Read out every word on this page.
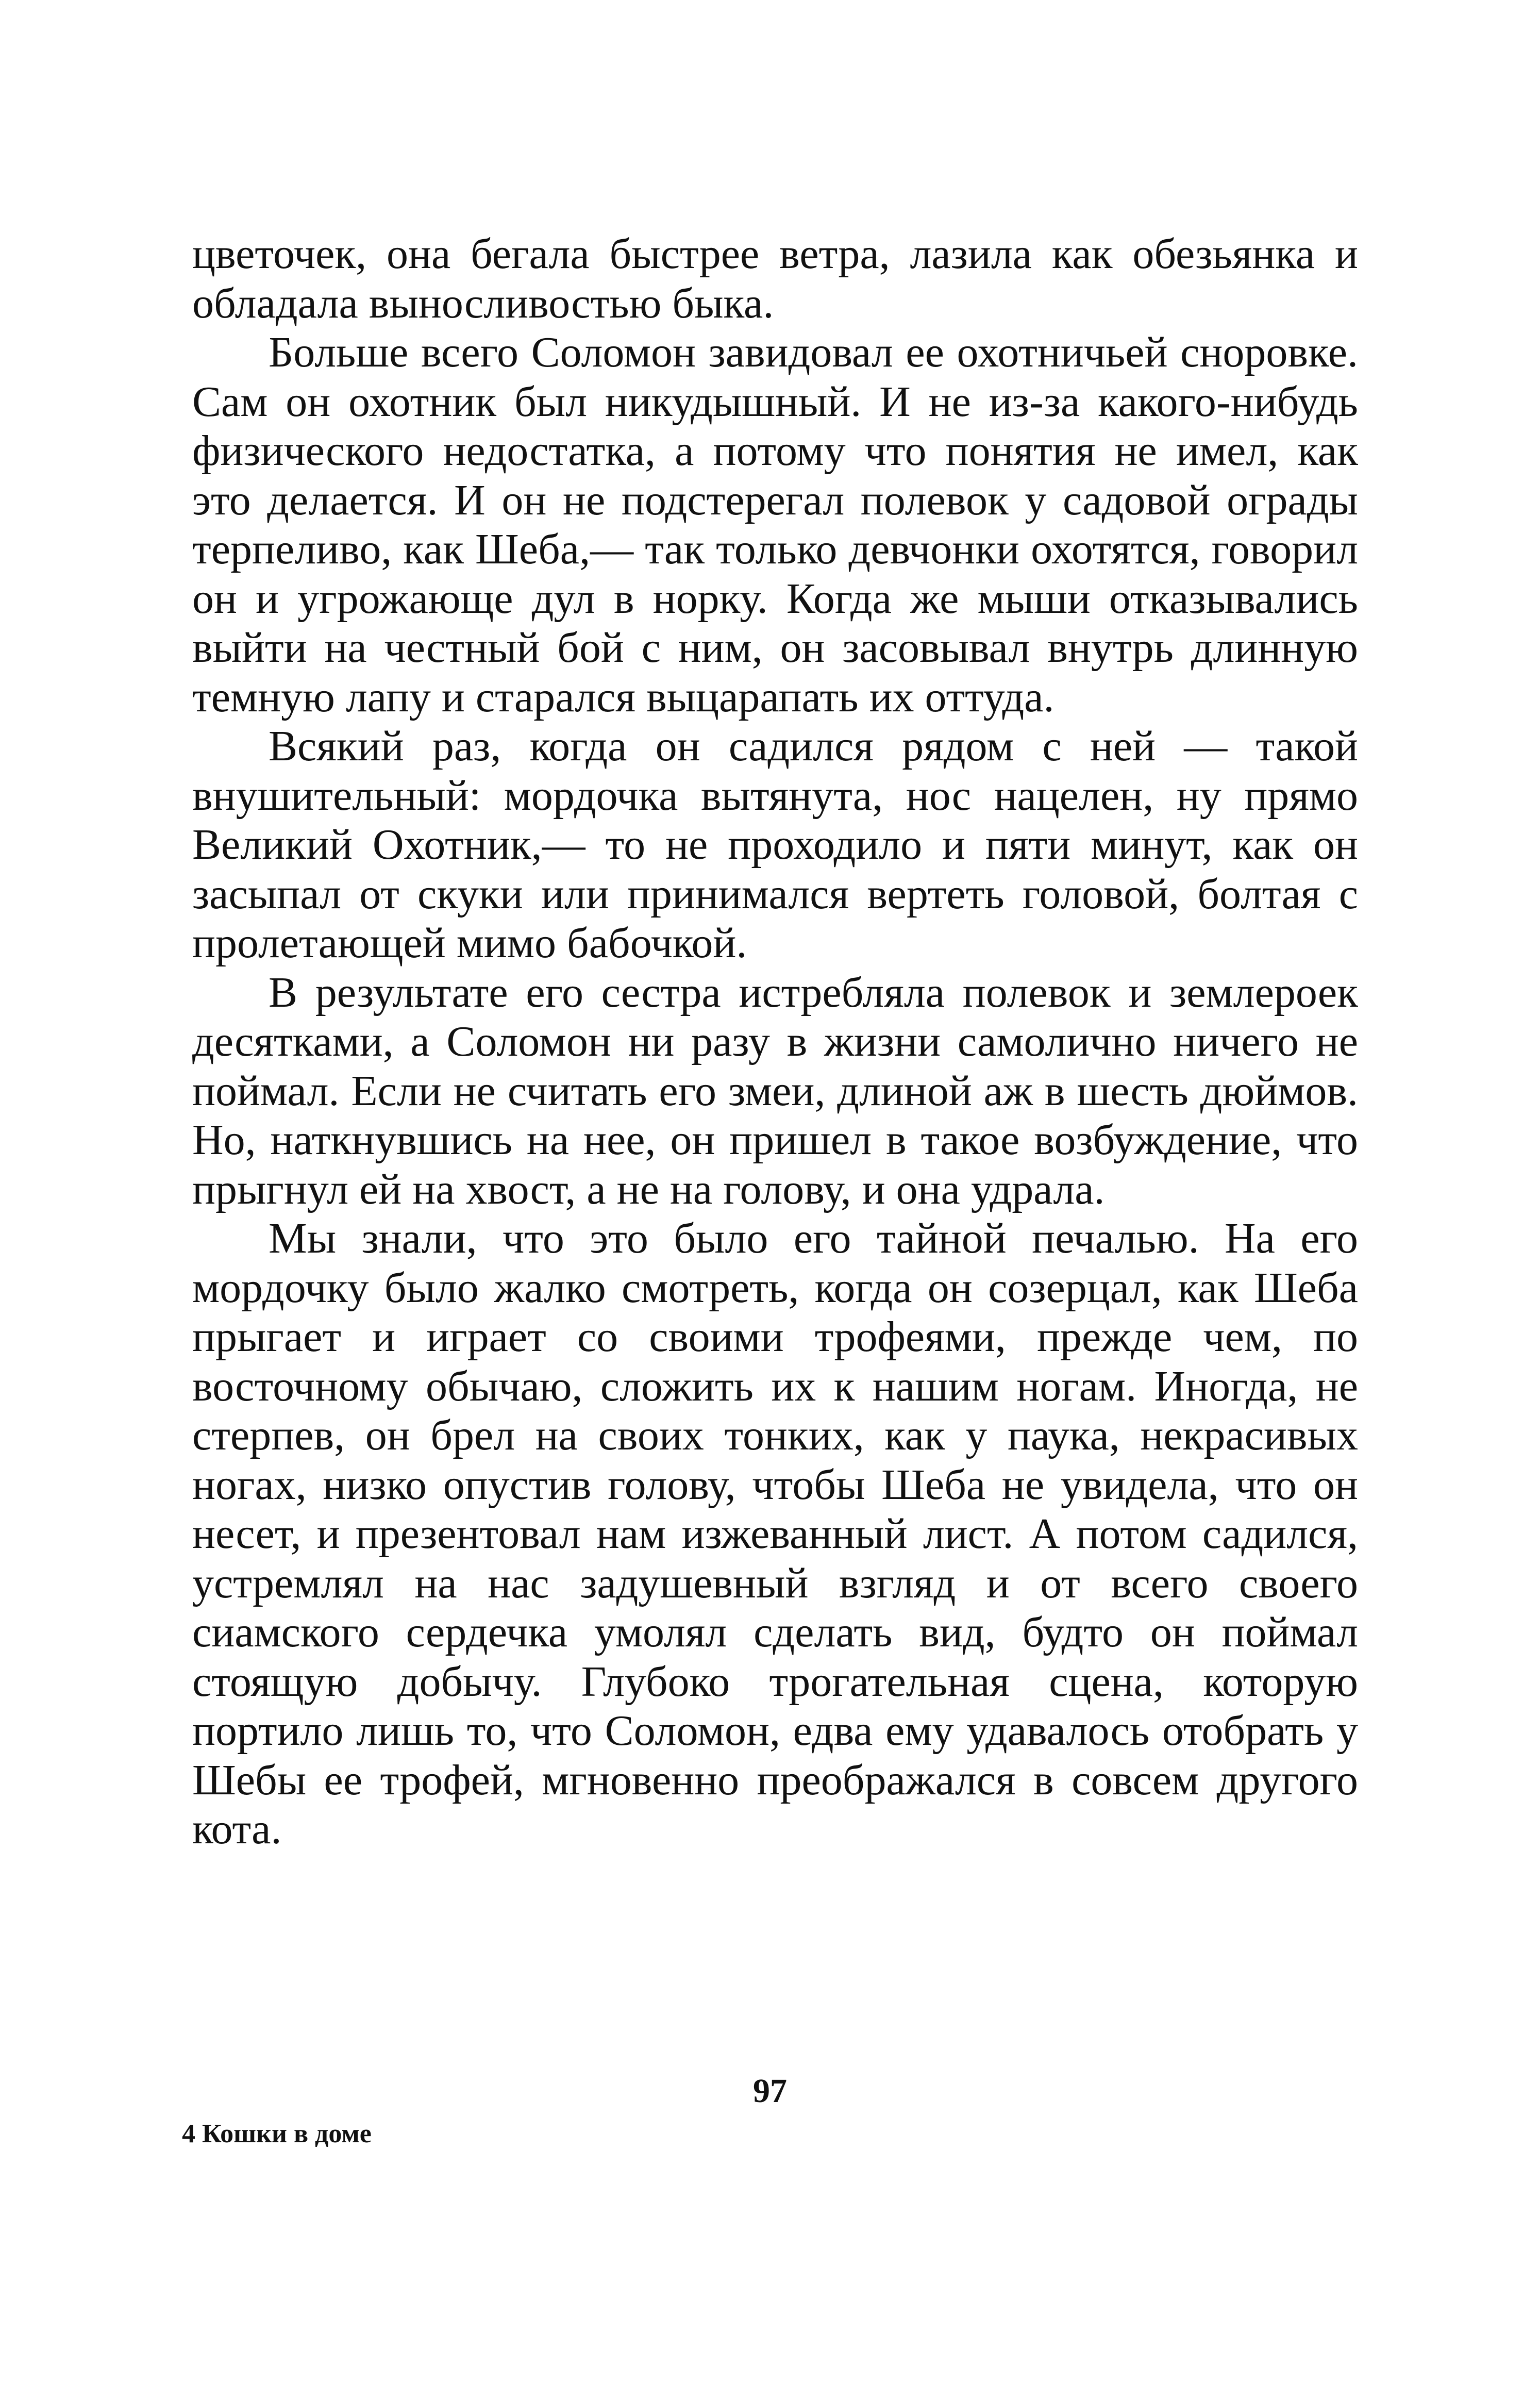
цветочек, она бегала быстрее ветра, лазила как обезьянка и обладала выносливостью быка.

Больше всего Соломон завидовал ее охотничьей сноровке. Сам он охотник был никудышный. И не из-за какого-нибудь физического недостатка, а потому что понятия не имел, как это делается. И он не подстерегал полевок у садовой ограды терпеливо, как Шеба,— так только девчонки охотятся, говорил он и угрожающе дул в норку. Когда же мыши отказывались выйти на честный бой с ним, он засовывал внутрь длинную темную лапу и старался выцарапать их оттуда.

Всякий раз, когда он садился рядом с ней — такой внушительный: мордочка вытянута, нос нацелен, ну прямо Великий Охотник,— то не проходило и пяти минут, как он засыпал от скуки или принимался вертеть головой, болтая с пролетающей мимо бабочкой.

В результате его сестра истребляла полевок и землероек десятками, а Соломон ни разу в жизни самолично ничего не поймал. Если не считать его змеи, длиной аж в шесть дюймов. Но, наткнувшись на нее, он пришел в такое возбуждение, что прыгнул ей на хвост, а не на голову, и она удрала.

Мы знали, что это было его тайной печалью. На его мордочку было жалко смотреть, когда он созерцал, как Шеба прыгает и играет со своими трофеями, прежде чем, по восточному обычаю, сложить их к нашим ногам. Иногда, не стерпев, он брел на своих тонких, как у паука, некрасивых ногах, низко опустив голову, чтобы Шеба не увидела, что он несет, и презентовал нам изжеванный лист. А потом садился, устремлял на нас задушевный взгляд и от всего своего сиамского сердечка умолял сделать вид, будто он поймал стоящую добычу. Глубоко трогательная сцена, которую портило лишь то, что Соломон, едва ему удавалось отобрать у Шебы ее трофей, мгновенно преображался в совсем другого кота.

97
4 Кошки в доме
